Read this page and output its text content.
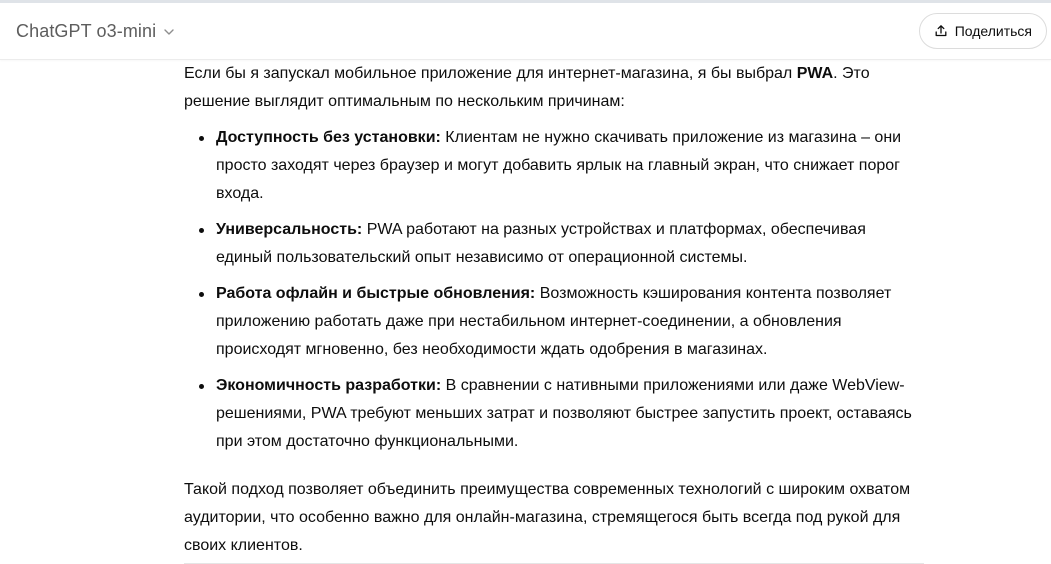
ChatGPT o3-mini	Поделиться

Если бы я запускал мобильное приложение для интернет-магазина, я бы выбрал PWA. Это решение выглядит оптимальным по нескольким причинам:

Доступность без установки: Клиентам не нужно скачивать приложение из магазина – они просто заходят через браузер и могут добавить ярлык на главный экран, что снижает порог входа.
Универсальность: PWA работают на разных устройствах и платформах, обеспечивая единый пользовательский опыт независимо от операционной системы.
Работа офлайн и быстрые обновления: Возможность кэширования контента позволяет приложению работать даже при нестабильном интернет-соединении, а обновления происходят мгновенно, без необходимости ждать одобрения в магазинах.
Экономичность разработки: В сравнении с нативными приложениями или даже WebView-решениями, PWA требуют меньших затрат и позволяют быстрее запустить проект, оставаясь при этом достаточно функциональными.

Такой подход позволяет объединить преимущества современных технологий с широким охватом аудитории, что особенно важно для онлайн-магазина, стремящегося быть всегда под рукой для своих клиентов.
